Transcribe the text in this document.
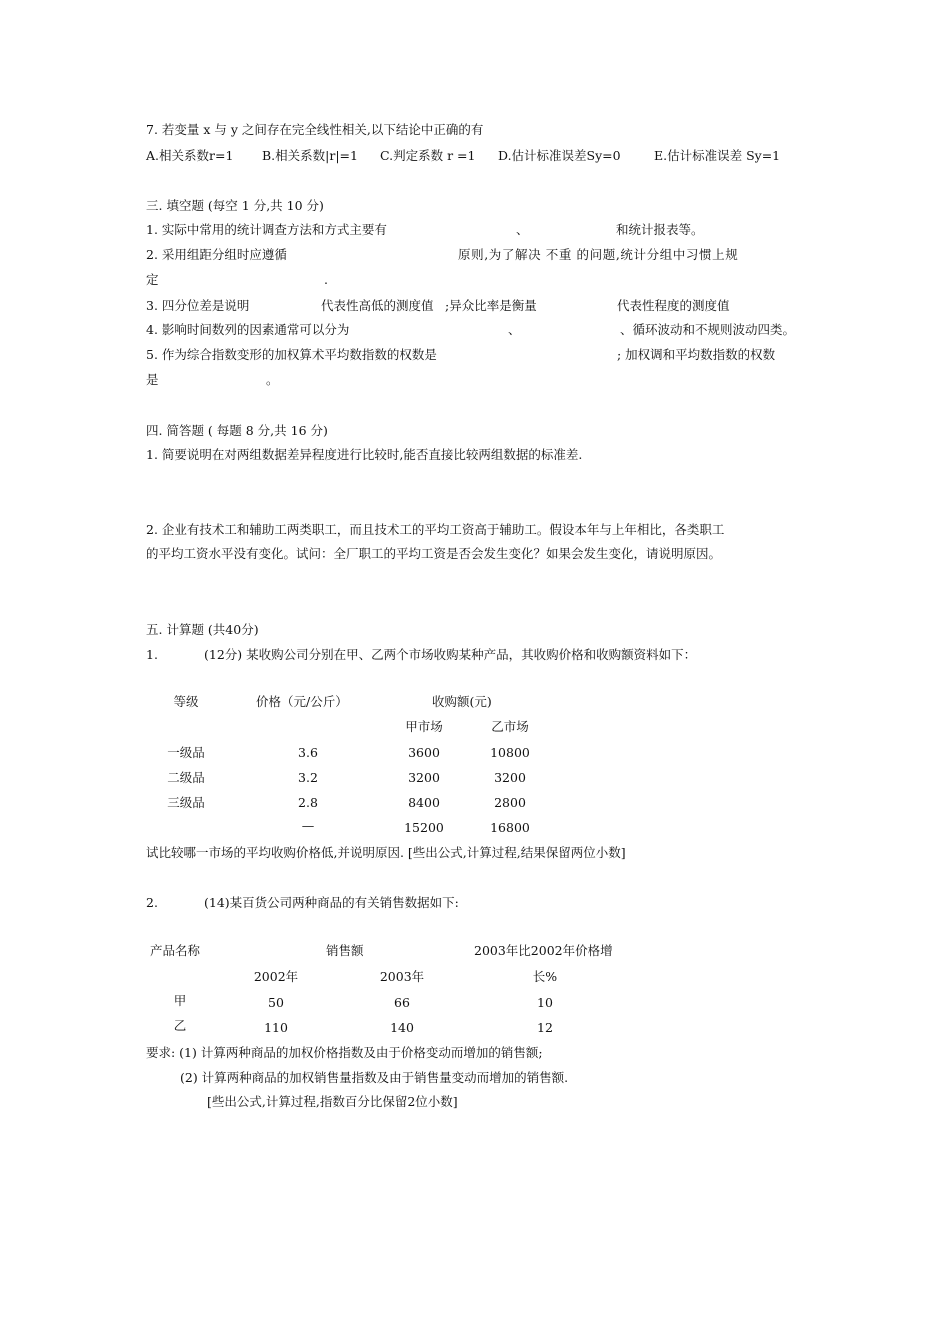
7. 若变量 x 与 y 之间存在完全线性相关,以下结论中正确的有
A.相关系数r=1 B.相关系数|r|=1 C.判定系数 r =1 D.估计标准误差Sy=0	E.估计标准误差 Sy=1
三. 填空题 (每空 1 分,共 10 分)
1. 实际中常用的统计调查方法和方式主要有	、	和统计报表等。
2. 采用组距分组时应遵循	原则,为了解决 不重 的问题,统计分组中习惯上规
定	.
3. 四分位差是说明	代表性高低的测度值 ;异众比率是衡量	代表性程度的测度值
4. 影响时间数列的因素通常可以分为	、	、循环波动和不规则波动四类。
5. 作为综合指数变形的加权算术平均数指数的权数是	; 加权调和平均数指数的权数
是	。
四. 简答题 ( 每题 8 分,共 16 分)
1. 简要说明在对两组数据差异程度进行比较时,能否直接比较两组数据的标准差.
2. 企业有技术工和辅助工两类职工，而且技术工的平均工资高于辅助工。假设本年与上年相比，各类职工
的平均工资水平没有变化。试问：全厂职工的平均工资是否会发生变化？如果会发生变化，请说明原因。
五. 计算题 (共40分)
1.	(12分) 某收购公司分别在甲、乙两个市场收购某种产品，其收购价格和收购额资料如下：
等级	价格（元/公斤）	收购额(元)
甲市场	乙市场
一级品	3.6	3600	10800
二级品	3.2	3200	3200
三级品	2.8	8400	2800
—	15200	16800
试比较哪一市场的平均收购价格低,并说明原因. [些出公式,计算过程,结果保留两位小数]
2.	(14)某百货公司两种商品的有关销售数据如下:
产品名称	销售额	2003年比2002年价格增
2002年	2003年	长%
甲	50	66	10
乙	110	140	12
要求: (1) 计算两种商品的加权价格指数及由于价格变动而增加的销售额;
(2) 计算两种商品的加权销售量指数及由于销售量变动而增加的销售额.
[些出公式,计算过程,指数百分比保留2位小数]
